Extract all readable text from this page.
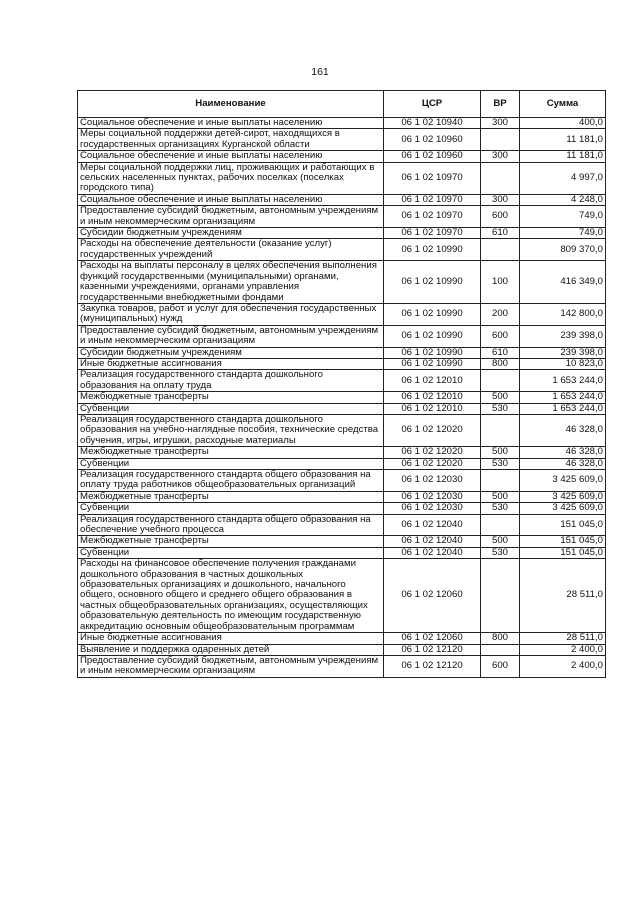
161
Наименование	ЦСР	ВР	Сумма
Социальное обеспечение и иные выплаты населению	06 1 02 10940	300	400,0
Меры социальной поддержки детей-сирот, находящихся в государственных организациях Курганской области	06 1 02 10960		11 181,0
Социальное обеспечение и иные выплаты населению	06 1 02 10960	300	11 181,0
Меры социальной поддержки лиц, проживающих и работающих в сельских населенных пунктах, рабочих поселках (поселках городского типа)	06 1 02 10970		4 997,0
Социальное обеспечение и иные выплаты населению	06 1 02 10970	300	4 248,0
Предоставление субсидий бюджетным, автономным учреждениям и иным некоммерческим организациям	06 1 02 10970	600	749,0
Субсидии бюджетным учреждениям	06 1 02 10970	610	749,0
Расходы на обеспечение деятельности (оказание услуг) государственных учреждений	06 1 02 10990		809 370,0
Расходы на выплаты персоналу в целях обеспечения выполнения функций государственными (муниципальными) органами, казенными учреждениями, органами управления государственными внебюджетными фондами	06 1 02 10990	100	416 349,0
Закупка товаров, работ и услуг для обеспечения государственных (муниципальных) нужд	06 1 02 10990	200	142 800,0
Предоставление субсидий бюджетным, автономным учреждениям и иным некоммерческим организациям	06 1 02 10990	600	239 398,0
Субсидии бюджетным учреждениям	06 1 02 10990	610	239 398,0
Иные бюджетные ассигнования	06 1 02 10990	800	10 823,0
Реализация государственного стандарта дошкольного образования на оплату труда	06 1 02 12010		1 653 244,0
Межбюджетные трансферты	06 1 02 12010	500	1 653 244,0
Субвенции	06 1 02 12010	530	1 653 244,0
Реализация государственного стандарта дошкольного образования на учебно-наглядные пособия, технические средства обучения, игры, игрушки, расходные материалы	06 1 02 12020		46 328,0
Межбюджетные трансферты	06 1 02 12020	500	46 328,0
Субвенции	06 1 02 12020	530	46 328,0
Реализация государственного стандарта общего образования на оплату труда работников общеобразовательных организаций	06 1 02 12030		3 425 609,0
Межбюджетные трансферты	06 1 02 12030	500	3 425 609,0
Субвенции	06 1 02 12030	530	3 425 609,0
Реализация государственного стандарта общего образования на обеспечение учебного процесса	06 1 02 12040		151 045,0
Межбюджетные трансферты	06 1 02 12040	500	151 045,0
Субвенции	06 1 02 12040	530	151 045,0
Расходы на финансовое обеспечение получения гражданами дошкольного образования в частных дошкольных образовательных организациях и дошкольного, начального общего, основного общего и среднего общего образования в частных общеобразовательных организациях, осуществляющих образовательную деятельность по имеющим государственную аккредитацию основным общеобразовательным программам	06 1 02 12060		28 511,0
Иные бюджетные ассигнования	06 1 02 12060	800	28 511,0
Выявление и поддержка одаренных детей	06 1 02 12120		2 400,0
Предоставление субсидий бюджетным, автономным учреждениям и иным некоммерческим организациям	06 1 02 12120	600	2 400,0
